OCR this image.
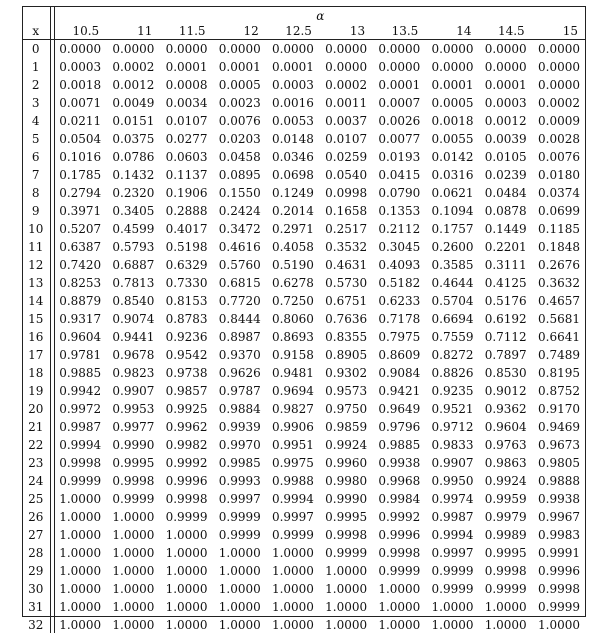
		α									
x		10.5	11	11.5	12	12.5	13	13.5	14	14.5	15
0		0.0000	0.0000	0.0000	0.0000	0.0000	0.0000	0.0000	0.0000	0.0000	0.0000
1		0.0003	0.0002	0.0001	0.0001	0.0001	0.0000	0.0000	0.0000	0.0000	0.0000
2		0.0018	0.0012	0.0008	0.0005	0.0003	0.0002	0.0001	0.0001	0.0001	0.0000
3		0.0071	0.0049	0.0034	0.0023	0.0016	0.0011	0.0007	0.0005	0.0003	0.0002
4		0.0211	0.0151	0.0107	0.0076	0.0053	0.0037	0.0026	0.0018	0.0012	0.0009
5		0.0504	0.0375	0.0277	0.0203	0.0148	0.0107	0.0077	0.0055	0.0039	0.0028
6		0.1016	0.0786	0.0603	0.0458	0.0346	0.0259	0.0193	0.0142	0.0105	0.0076
7		0.1785	0.1432	0.1137	0.0895	0.0698	0.0540	0.0415	0.0316	0.0239	0.0180
8		0.2794	0.2320	0.1906	0.1550	0.1249	0.0998	0.0790	0.0621	0.0484	0.0374
9		0.3971	0.3405	0.2888	0.2424	0.2014	0.1658	0.1353	0.1094	0.0878	0.0699
10		0.5207	0.4599	0.4017	0.3472	0.2971	0.2517	0.2112	0.1757	0.1449	0.1185
11		0.6387	0.5793	0.5198	0.4616	0.4058	0.3532	0.3045	0.2600	0.2201	0.1848
12		0.7420	0.6887	0.6329	0.5760	0.5190	0.4631	0.4093	0.3585	0.3111	0.2676
13		0.8253	0.7813	0.7330	0.6815	0.6278	0.5730	0.5182	0.4644	0.4125	0.3632
14		0.8879	0.8540	0.8153	0.7720	0.7250	0.6751	0.6233	0.5704	0.5176	0.4657
15		0.9317	0.9074	0.8783	0.8444	0.8060	0.7636	0.7178	0.6694	0.6192	0.5681
16		0.9604	0.9441	0.9236	0.8987	0.8693	0.8355	0.7975	0.7559	0.7112	0.6641
17		0.9781	0.9678	0.9542	0.9370	0.9158	0.8905	0.8609	0.8272	0.7897	0.7489
18		0.9885	0.9823	0.9738	0.9626	0.9481	0.9302	0.9084	0.8826	0.8530	0.8195
19		0.9942	0.9907	0.9857	0.9787	0.9694	0.9573	0.9421	0.9235	0.9012	0.8752
20		0.9972	0.9953	0.9925	0.9884	0.9827	0.9750	0.9649	0.9521	0.9362	0.9170
21		0.9987	0.9977	0.9962	0.9939	0.9906	0.9859	0.9796	0.9712	0.9604	0.9469
22		0.9994	0.9990	0.9982	0.9970	0.9951	0.9924	0.9885	0.9833	0.9763	0.9673
23		0.9998	0.9995	0.9992	0.9985	0.9975	0.9960	0.9938	0.9907	0.9863	0.9805
24		0.9999	0.9998	0.9996	0.9993	0.9988	0.9980	0.9968	0.9950	0.9924	0.9888
25		1.0000	0.9999	0.9998	0.9997	0.9994	0.9990	0.9984	0.9974	0.9959	0.9938
26		1.0000	1.0000	0.9999	0.9999	0.9997	0.9995	0.9992	0.9987	0.9979	0.9967
27		1.0000	1.0000	1.0000	0.9999	0.9999	0.9998	0.9996	0.9994	0.9989	0.9983
28		1.0000	1.0000	1.0000	1.0000	1.0000	0.9999	0.9998	0.9997	0.9995	0.9991
29		1.0000	1.0000	1.0000	1.0000	1.0000	1.0000	0.9999	0.9999	0.9998	0.9996
30		1.0000	1.0000	1.0000	1.0000	1.0000	1.0000	1.0000	0.9999	0.9999	0.9998
31		1.0000	1.0000	1.0000	1.0000	1.0000	1.0000	1.0000	1.0000	1.0000	0.9999
32		1.0000	1.0000	1.0000	1.0000	1.0000	1.0000	1.0000	1.0000	1.0000	1.0000
